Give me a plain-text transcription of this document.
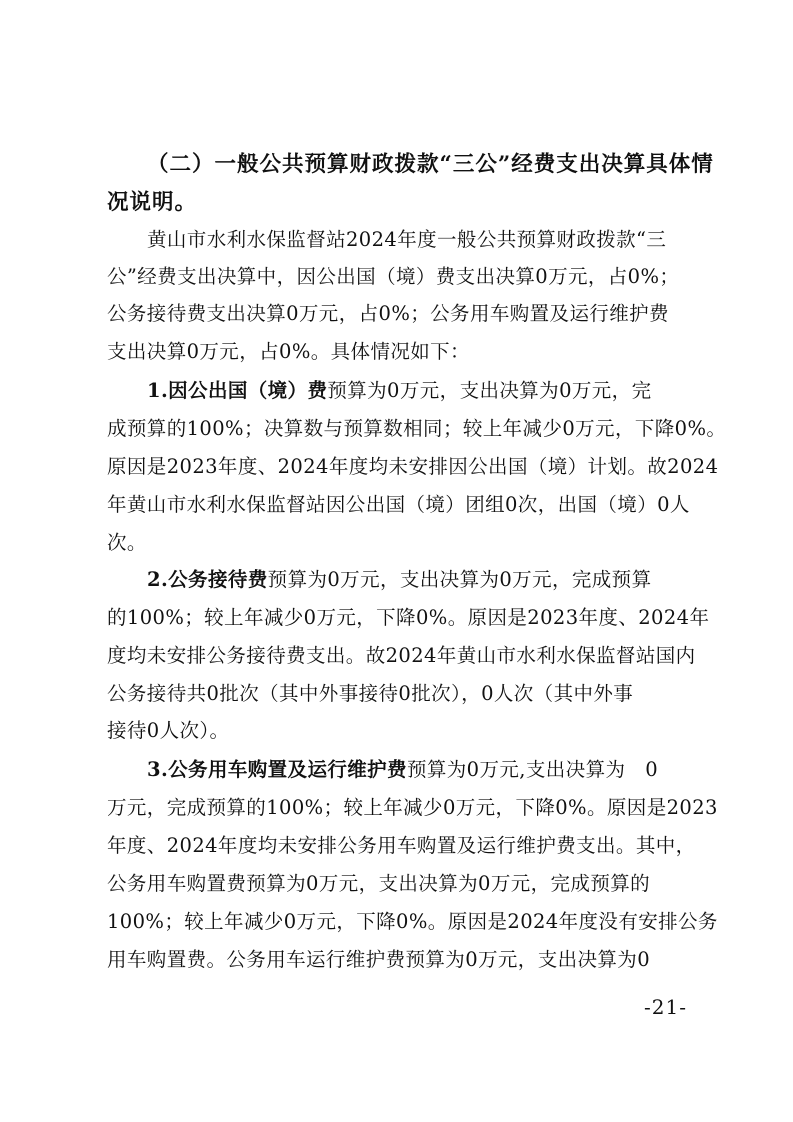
（二）一般公共预算财政拨款“三公”经费支出决算具体情
况说明。
黄山市水利水保监督站2024年度一般公共预算财政拨款“三
公”经费支出决算中，因公出国（境）费支出决算0万元，占0%；
公务接待费支出决算0万元，占0%；公务用车购置及运行维护费
支出决算0万元，占0%。具体情况如下：
1.因公出国（境）费预算为0万元，支出决算为0万元，完
成预算的100%；决算数与预算数相同；较上年减少0万元，下降0%。
原因是2023年度、2024年度均未安排因公出国（境）计划。故2024
年黄山市水利水保监督站因公出国（境）团组0次，出国（境）0人
次。
2.公务接待费预算为0万元，支出决算为0万元，完成预算
的100%；较上年减少0万元，下降0%。原因是2023年度、2024年
度均未安排公务接待费支出。故2024年黄山市水利水保监督站国内
公务接待共0批次（其中外事接待0批次），0人次（其中外事
接待0人次）。
3.公务用车购置及运行维护费预算为0万元,支出决算为　0
万元，完成预算的100%；较上年减少0万元，下降0%。原因是2023
年度、2024年度均未安排公务用车购置及运行维护费支出。其中，
公务用车购置费预算为0万元，支出决算为0万元，完成预算的
100%；较上年减少0万元，下降0%。原因是2024年度没有安排公务
用车购置费。公务用车运行维护费预算为0万元，支出决算为0
-21-
